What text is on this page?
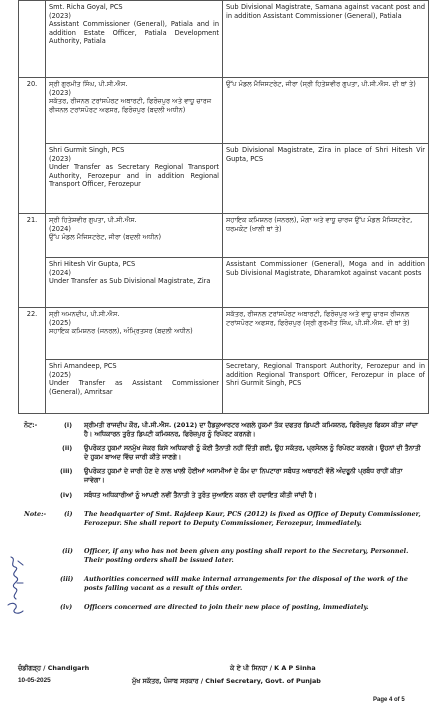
	Smt. Richa Goyal, PCS
(2023)
Assistant Commissioner (General), Patiala and in addition Estate Officer, Patiala Development Authority, Patiala	Sub Divisional Magistrate, Samana against vacant post and in addition Assistant Commissioner (General), Patiala
20.	ਸ੍ਰੀ ਗੁਰਮੀਤ ਸਿੰਘ, ਪੀ.ਸੀ.ਐਸ.
(2023)
ਸਕੱਤਰ, ਰੀਜਨਲ ਟਰਾਂਸਪੋਰਟ ਅਥਾਰਟੀ, ਫਿਰੋਜ਼ਪੁਰ ਅਤੇ ਵਾਧੂ ਚਾਰਜ ਰੀਜਨਲ ਟਰਾਂਸਪੋਰਟ ਅਫਸਰ, ਫਿਰੋਜ਼ਪੁਰ (ਬਦਲੀ ਅਧੀਨ)	ਉੱਪ ਮੰਡਲ ਮੈਜਿਸਟਰੇਟ, ਜੀਰਾ (ਸ੍ਰੀ ਹਿਤੇਸ਼ਵੀਰ ਗੁਪਤਾ, ਪੀ.ਸੀ.ਐਸ. ਦੀ ਥਾਂ ਤੇ)

	Shri Gurmit Singh, PCS
(2023)
Under Transfer as Secretary Regional Transport Authority, Ferozepur and in addition Regional Transport Officer, Ferozepur	Sub Divisional Magistrate, Zira in place of Shri Hitesh Vir Gupta, PCS
21.	ਸ੍ਰੀ ਹਿਤੇਸ਼ਵੀਰ ਗੁਪਤਾ, ਪੀ.ਸੀ.ਐਸ.
(2024)
ਉੱਪ ਮੰਡਲ ਮੈਜਿਸਟਰੇਟ, ਜੀਰਾ (ਬਦਲੀ ਅਧੀਨ)	ਸਹਾਇਕ ਕਮਿਸ਼ਨਰ (ਜਨਰਲ), ਮੋਗਾ ਅਤੇ ਵਾਧੂ ਚਾਰਜ ਉੱਪ ਮੰਡਲ ਮੈਜਿਸਟਰੇਟ, ਧਰਮਕੋਟ (ਖਾਲੀ ਥਾਂ ਤੇ)

	Shri Hitesh Vir Gupta, PCS
(2024)
Under Transfer as Sub Divisional Magistrate, Zira	Assistant Commissioner (General), Moga and in addition Sub Divisional Magistrate, Dharamkot against vacant posts
22.	ਸ੍ਰੀ ਅਮਨਦੀਪ, ਪੀ.ਸੀ.ਐਸ.
(2025)
ਸਹਾਇਕ ਕਮਿਸ਼ਨਰ (ਜਨਰਲ), ਅੰਮ੍ਰਿਤਸਰ (ਬਦਲੀ ਅਧੀਨ)	ਸਕੱਤਰ, ਰੀਜਨਲ ਟਰਾਂਸਪੋਰਟ ਅਥਾਰਟੀ, ਫਿਰੋਜ਼ਪੁਰ ਅਤੇ ਵਾਧੂ ਚਾਰਜ ਰੀਜਨਲ ਟਰਾਂਸਪੋਰਟ ਅਫਸਰ, ਫਿਰੋਜ਼ਪੁਰ (ਸ੍ਰੀ ਗੁਰਮੀਤ ਸਿੰਘ, ਪੀ.ਸੀ.ਐਸ. ਦੀ ਥਾਂ ਤੇ)

	Shri Amandeep, PCS
(2025)
Under Transfer as Assistant Commissioner (General), Amritsar	Secretary, Regional Transport Authority, Ferozepur and in addition Regional Transport Officer, Ferozepur in place of Shri Gurmit Singh, PCS
ਨੋਟ:-	(i) ਸ਼੍ਰੀਮਤੀ ਰਾਜਦੀਪ ਕੌਰ, ਪੀ.ਸੀ.ਐਸ. (2012) ਦਾ ਹੈਡਕੁਆਰਟਰ ਅਗਲੇ ਹੁਕਮਾਂ ਤੱਕ ਦਫਤਰ ਡਿਪਟੀ ਕਮਿਸ਼ਨਰ, ਫਿਰੋਜ਼ਪੁਰ ਫਿਕਸ ਕੀਤਾ ਜਾਂਦਾ ਹੈ। ਅਧਿਕਾਰਨ ਤੁਰੰਤ ਡਿਪਟੀ ਕਮਿਸ਼ਨਰ, ਫਿਰੋਜ਼ਪੁਰ ਨੂੰ ਰਿਪੋਰਟ ਕਰਨਗੇ।
(ii) ਉਪਰੋਕਤ ਹੁਕਮਾਂ ਸਨਮੁੱਖ ਜੇਕਰ ਕਿਸੇ ਅਧਿਕਾਰੀ ਨੂੰ ਕੋਈ ਤੈਨਾਤੀ ਨਹੀਂ ਦਿੱਤੀ ਗਈ, ਉਹ ਸਕੱਤਰ, ਪ੍ਰਸੋਨਲ ਨੂੰ ਰਿਪੋਰਟ ਕਰਨਗੇ। ਉਹਨਾਂ ਦੀ ਤੈਨਾਤੀ ਦੇ ਹੁਕਮ ਬਾਅਦ ਵਿੱਚ ਜਾਰੀ ਕੀਤੇ ਜਾਣਗੇ।
(iii) ਉਪਰੋਕਤ ਹੁਕਮਾਂ ਦੇ ਜਾਰੀ ਹੋਣ ਦੇ ਨਾਲ ਖਾਲੀ ਹੋਈਆਂ ਅਸਾਮੀਆਂ ਦੇ ਕੰਮ ਦਾ ਨਿਪਟਾਰਾ ਸਬੰਧਤ ਅਥਾਰਟੀ ਵੱਲੋਂ ਅੰਦਰੂਨੀ ਪ੍ਰਬੰਧ ਰਾਹੀਂ ਕੀਤਾ ਜਾਵੇਗਾ।
(iv) ਸਬੰਧਤ ਅਧਿਕਾਰੀਆਂ ਨੂੰ ਆਪਣੀ ਨਵੀਂ ਤੈਨਾਤੀ ਤੇ ਤੁਰੰਤ ਜੁਆਇਨ ਕਰਨ ਦੀ ਹਦਾਇਤ ਕੀਤੀ ਜਾਂਦੀ ਹੈ।
Note:-	(i) The headquarter of Smt. Rajdeep Kaur, PCS (2012) is fixed as Office of Deputy Commissioner, Ferozepur. She shall report to Deputy Commissioner, Ferozepur, immediately.
(ii) Officer, if any who has not been given any posting shall report to the Secretary, Personnel. Their posting orders shall be issued later.
(iii) Authorities concerned will make internal arrangements for the disposal of the work of the posts falling vacant as a result of this order.
(iv) Officers concerned are directed to join their new place of posting, immediately.
ਚੰਡੀਗੜ੍ਹ / Chandigarh
10-05-2025
ਕੇ ਏ ਪੀ ਸਿਨਹਾ / K A P Sinha
ਮੁੱਖ ਸਕੱਤਰ, ਪੰਜਾਬ ਸਰਕਾਰ / Chief Secretary, Govt. of Punjab
Page 4 of 5
